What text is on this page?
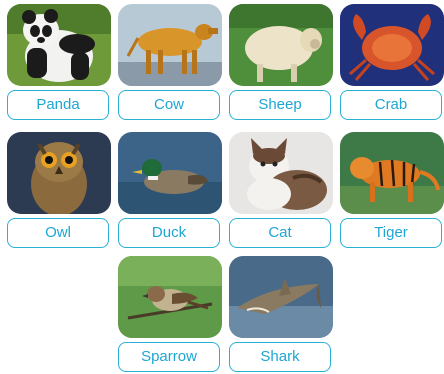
Panda	Cow	Sheep	Crab
Owl	Duck	Cat	Tiger
Sparrow	Shark
